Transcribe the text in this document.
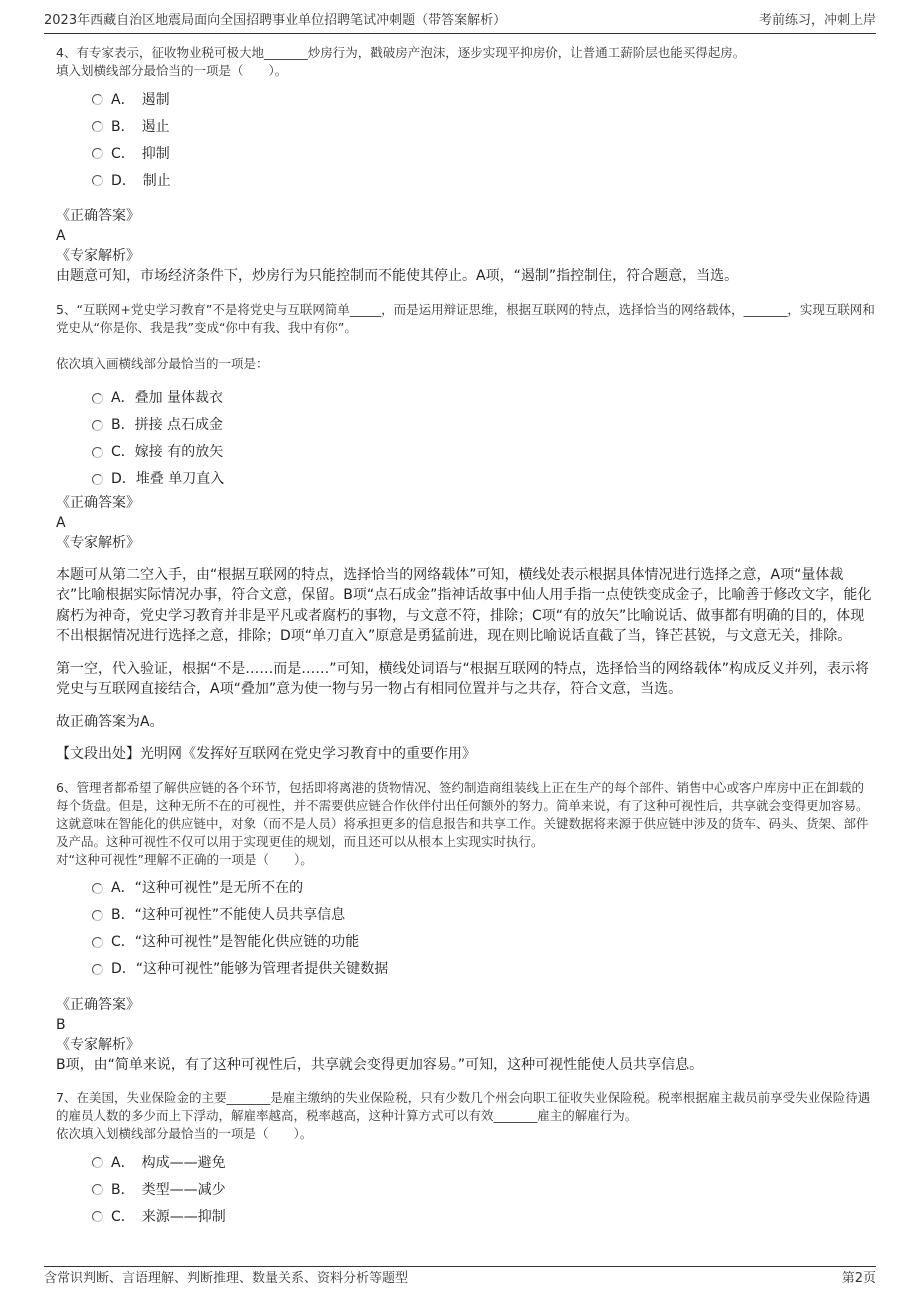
2023年西藏自治区地震局面向全国招聘事业单位招聘笔试冲刺题（带答案解析）	考前练习，冲刺上岸
4、有专家表示，征收物业税可极大地_______炒房行为，戳破房产泡沫，逐步实现平抑房价，让普通工薪阶层也能买得起房。
填入划横线部分最恰当的一项是（　　）。
A．　遏制
B．　遏止
C．　抑制
D．　制止
《正确答案》
A
《专家解析》
由题意可知，市场经济条件下，炒房行为只能控制而不能使其停止。A项，“遏制”指控制住，符合题意，当选。
5、“互联网+党史学习教育”不是将党史与互联网简单_____，而是运用辩证思维，根据互联网的特点，选择恰当的网络载体，_______，实现互联网和党史从“你是你、我是我”变成“你中有我、我中有你”。
依次填入画横线部分最恰当的一项是：
A．叠加 量体裁衣
B．拼接 点石成金
C．嫁接 有的放矢
D．堆叠 单刀直入
《正确答案》
A
《专家解析》
本题可从第二空入手，由“根据互联网的特点，选择恰当的网络载体”可知，横线处表示根据具体情况进行选择之意，A项“量体裁衣”比喻根据实际情况办事，符合文意，保留。B项“点石成金”指神话故事中仙人用手指一点使铁变成金子，比喻善于修改文字，能化腐朽为神奇，党史学习教育并非是平凡或者腐朽的事物，与文意不符，排除；C项“有的放矢”比喻说话、做事都有明确的目的，体现不出根据情况进行选择之意，排除；D项“单刀直入”原意是勇猛前进，现在则比喻说话直截了当，锋芒甚锐，与文意无关，排除。
第一空，代入验证，根据“不是……而是……”可知，横线处词语与“根据互联网的特点，选择恰当的网络载体”构成反义并列，表示将党史与互联网直接结合，A项“叠加”意为使一物与另一物占有相同位置并与之共存，符合文意，当选。
故正确答案为A。
【文段出处】光明网《发挥好互联网在党史学习教育中的重要作用》
6、管理者都希望了解供应链的各个环节，包括即将离港的货物情况、签约制造商组装线上正在生产的每个部件、销售中心或客户库房中正在卸载的每个货盘。但是，这种无所不在的可视性，并不需要供应链合作伙伴付出任何额外的努力。简单来说，有了这种可视性后，共享就会变得更加容易。这就意味在智能化的供应链中，对象（而不是人员）将承担更多的信息报告和共享工作。关键数据将来源于供应链中涉及的货车、码头、货架、部件及产品。这种可视性不仅可以用于实现更佳的规划，而且还可以从根本上实现实时执行。
对“这种可视性”理解不正确的一项是（　　）。
A．“这种可视性”是无所不在的
B．“这种可视性”不能使人员共享信息
C．“这种可视性”是智能化供应链的功能
D．“这种可视性”能够为管理者提供关键数据
《正确答案》
B
《专家解析》
B项，由“简单来说，有了这种可视性后，共享就会变得更加容易。”可知，这种可视性能使人员共享信息。
7、在美国，失业保险金的主要_______是雇主缴纳的失业保险税，只有少数几个州会向职工征收失业保险税。税率根据雇主裁员前享受失业保险待遇的雇员人数的多少而上下浮动，解雇率越高，税率越高，这种计算方式可以有效_______雇主的解雇行为。
依次填入划横线部分最恰当的一项是（　　）。
A．　构成——避免
B．　类型——减少
C．　来源——抑制
含常识判断、言语理解、判断推理、数量关系、资料分析等题型	第2页
